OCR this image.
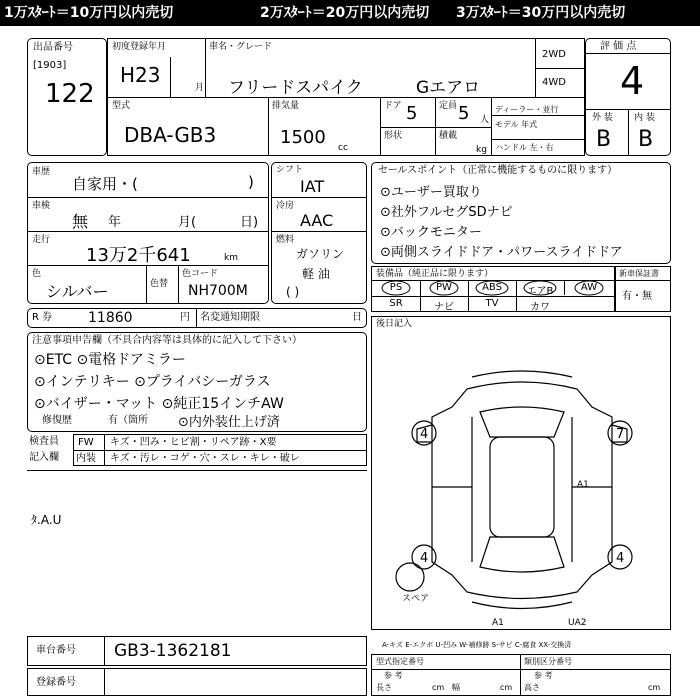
1万ｽﾀｰﾄ＝10万円以内売切	2万ｽﾀｰﾄ＝20万円以内売切 3万ｽﾀｰﾄ＝30万円以内売切
出品番号
[1903]
122
初度登録年月
H23
月
車名・グレード
フリードスパイク	Gエアロ
2WD
4WD
型式
DBA-GB3
排気量
1500 cc
ドア 5 定員 5 人
形状	積載
kg
ディーラー・並行
モデル 年式
ハンドル 左・右
評 価 点
4
外 装 内 装
B B
車歴
自家用・(	)
車検
無 年	月(	日)
走行
13万2千641	km
色
シルバー	色替
色コード
NH700M
シフト
IAT
冷房
AAC
燃料
ガソリン
軽 油
( )
R 券	11860	円 名変通知期限	日
セールスポイント（正常に機能するものに限ります）
⊙ユーザー買取り
⊙社外フルセグSDナビ
⊙バックモニター
⊙両側スライドドア・パワースライドドア
装備品（純正品に限ります）
PS	PW	ABS	エアB	AW
SR	ナビ	TV	カワ
新車保証書
有・無
注意事項申告欄（不具合内容等は具体的に記入して下さい）
⊙ETC ⊙電格ドアミラー
⊙インテリキー ⊙プライバシーガラス
⊙バイザー・マット ⊙純正15インチAW
修復歴	有（箇所 ⊙内外装仕上げ済
検査員
記入欄
FW
内装
キズ・凹み・ヒビ割・リペア跡・X要
キズ・汚レ・コゲ・穴・スレ・キレ・破レ
ﾀ.A.U
後日記入
スペア
4	7
4	4
A1
A1	UA2
A-キズ E-エクボ U-凹み W-補修跡 S-サビ C-腐食 XX-交換済
車台番号 GB3-1362181
登録番号
型式指定番号	類別区分番号
参 考	参 考
長さ	cm 幅	cm 高さ	cm
